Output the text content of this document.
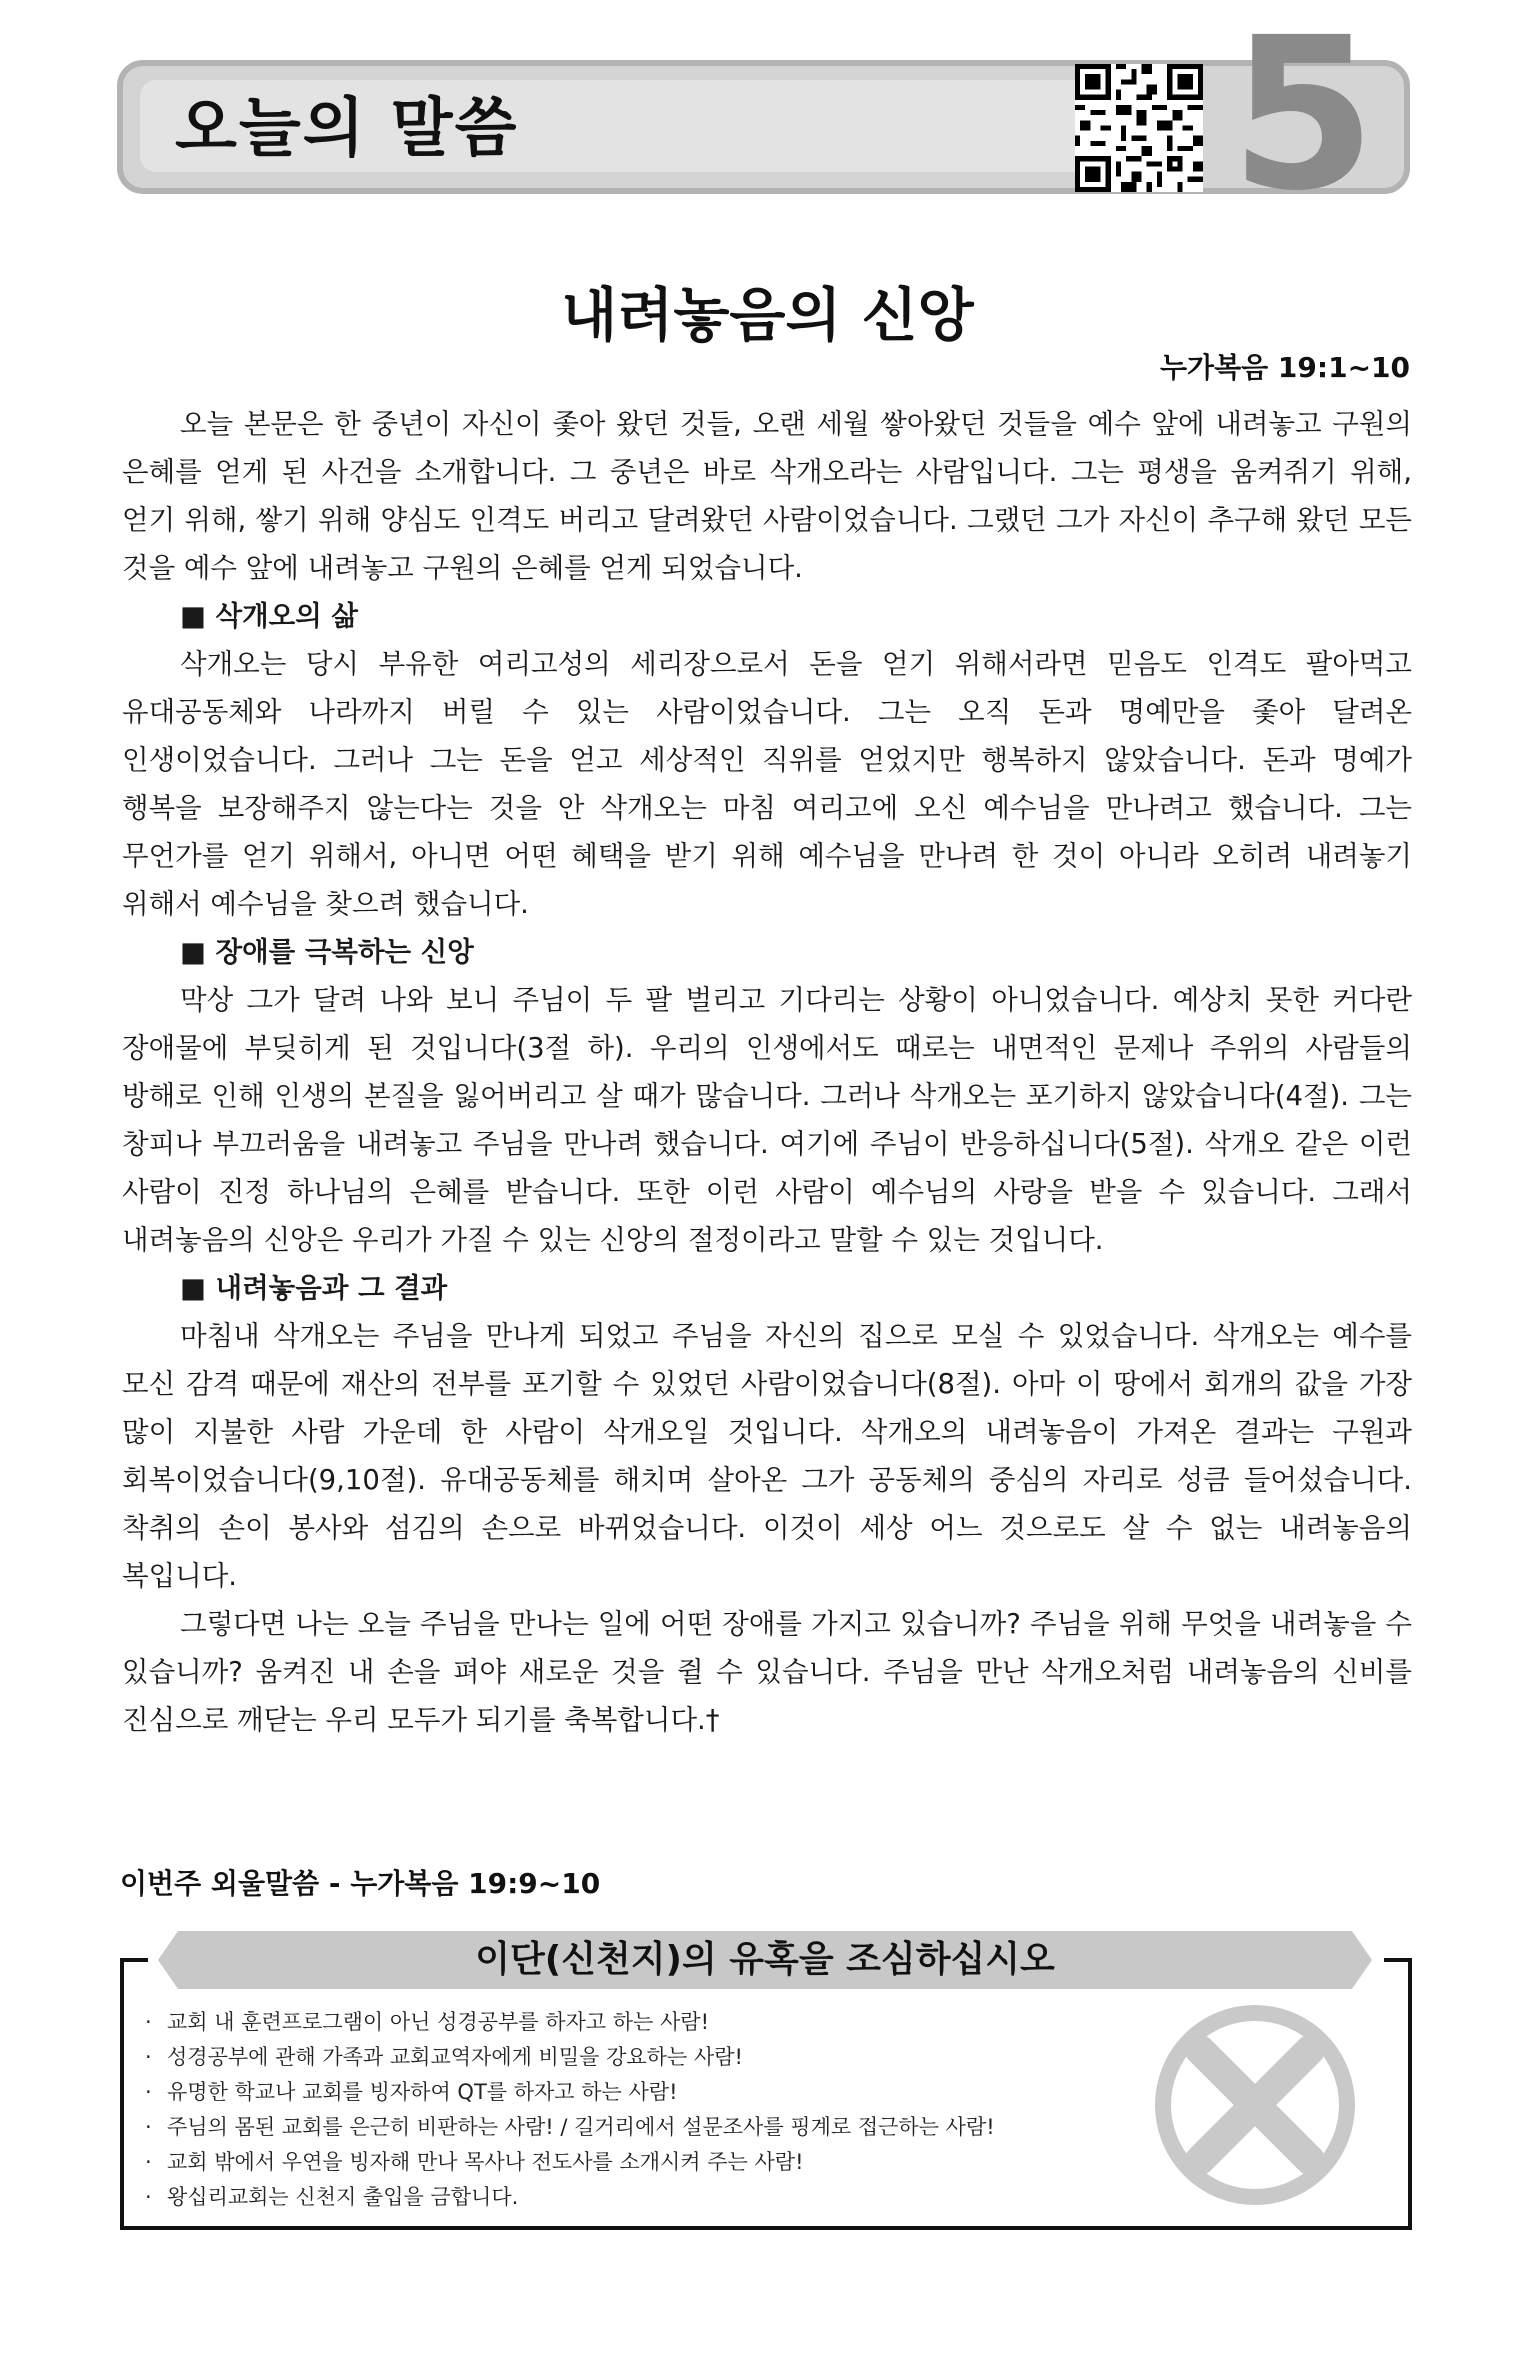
오늘의 말씀	5
내려놓음의 신앙
누가복음 19:1~10

오늘 본문은 한 중년이 자신이 좇아 왔던 것들, 오랜 세월 쌓아왔던 것들을 예수 앞에 내려놓고 구원의 은혜를 얻게 된 사건을 소개합니다. 그 중년은 바로 삭개오라는 사람입니다. 그는 평생을 움켜쥐기 위해, 얻기 위해, 쌓기 위해 양심도 인격도 버리고 달려왔던 사람이었습니다. 그랬던 그가 자신이 추구해 왔던 모든 것을 예수 앞에 내려놓고 구원의 은혜를 얻게 되었습니다.

■ 삭개오의 삶

삭개오는 당시 부유한 여리고성의 세리장으로서 돈을 얻기 위해서라면 믿음도 인격도 팔아먹고 유대공동체와 나라까지 버릴 수 있는 사람이었습니다. 그는 오직 돈과 명예만을 좇아 달려온 인생이었습니다. 그러나 그는 돈을 얻고 세상적인 직위를 얻었지만 행복하지 않았습니다. 돈과 명예가 행복을 보장해주지 않는다는 것을 안 삭개오는 마침 여리고에 오신 예수님을 만나려고 했습니다. 그는 무언가를 얻기 위해서, 아니면 어떤 혜택을 받기 위해 예수님을 만나려 한 것이 아니라 오히려 내려놓기 위해서 예수님을 찾으려 했습니다.

■ 장애를 극복하는 신앙

막상 그가 달려 나와 보니 주님이 두 팔 벌리고 기다리는 상황이 아니었습니다. 예상치 못한 커다란 장애물에 부딪히게 된 것입니다(3절 하). 우리의 인생에서도 때로는 내면적인 문제나 주위의 사람들의 방해로 인해 인생의 본질을 잃어버리고 살 때가 많습니다. 그러나 삭개오는 포기하지 않았습니다(4절). 그는 창피나 부끄러움을 내려놓고 주님을 만나려 했습니다. 여기에 주님이 반응하십니다(5절). 삭개오 같은 이런 사람이 진정 하나님의 은혜를 받습니다. 또한 이런 사람이 예수님의 사랑을 받을 수 있습니다. 그래서 내려놓음의 신앙은 우리가 가질 수 있는 신앙의 절정이라고 말할 수 있는 것입니다.

■ 내려놓음과 그 결과

마침내 삭개오는 주님을 만나게 되었고 주님을 자신의 집으로 모실 수 있었습니다. 삭개오는 예수를 모신 감격 때문에 재산의 전부를 포기할 수 있었던 사람이었습니다(8절). 아마 이 땅에서 회개의 값을 가장 많이 지불한 사람 가운데 한 사람이 삭개오일 것입니다. 삭개오의 내려놓음이 가져온 결과는 구원과 회복이었습니다(9,10절). 유대공동체를 해치며 살아온 그가 공동체의 중심의 자리로 성큼 들어섰습니다. 착취의 손이 봉사와 섬김의 손으로 바뀌었습니다. 이것이 세상 어느 것으로도 살 수 없는 내려놓음의 복입니다.

그렇다면 나는 오늘 주님을 만나는 일에 어떤 장애를 가지고 있습니까? 주님을 위해 무엇을 내려놓을 수 있습니까? 움켜진 내 손을 펴야 새로운 것을 쥘 수 있습니다. 주님을 만난 삭개오처럼 내려놓음의 신비를 진심으로 깨닫는 우리 모두가 되기를 축복합니다.†

이번주 외울말씀 - 누가복음 19:9~10
이단(신천지)의 유혹을 조심하십시오
· 교회 내 훈련프로그램이 아닌 성경공부를 하자고 하는 사람!
· 성경공부에 관해 가족과 교회교역자에게 비밀을 강요하는 사람!
· 유명한 학교나 교회를 빙자하여 QT를 하자고 하는 사람!
· 주님의 몸된 교회를 은근히 비판하는 사람! / 길거리에서 설문조사를 핑계로 접근하는 사람!
· 교회 밖에서 우연을 빙자해 만나 목사나 전도사를 소개시켜 주는 사람!
· 왕십리교회는 신천지 출입을 금합니다.
